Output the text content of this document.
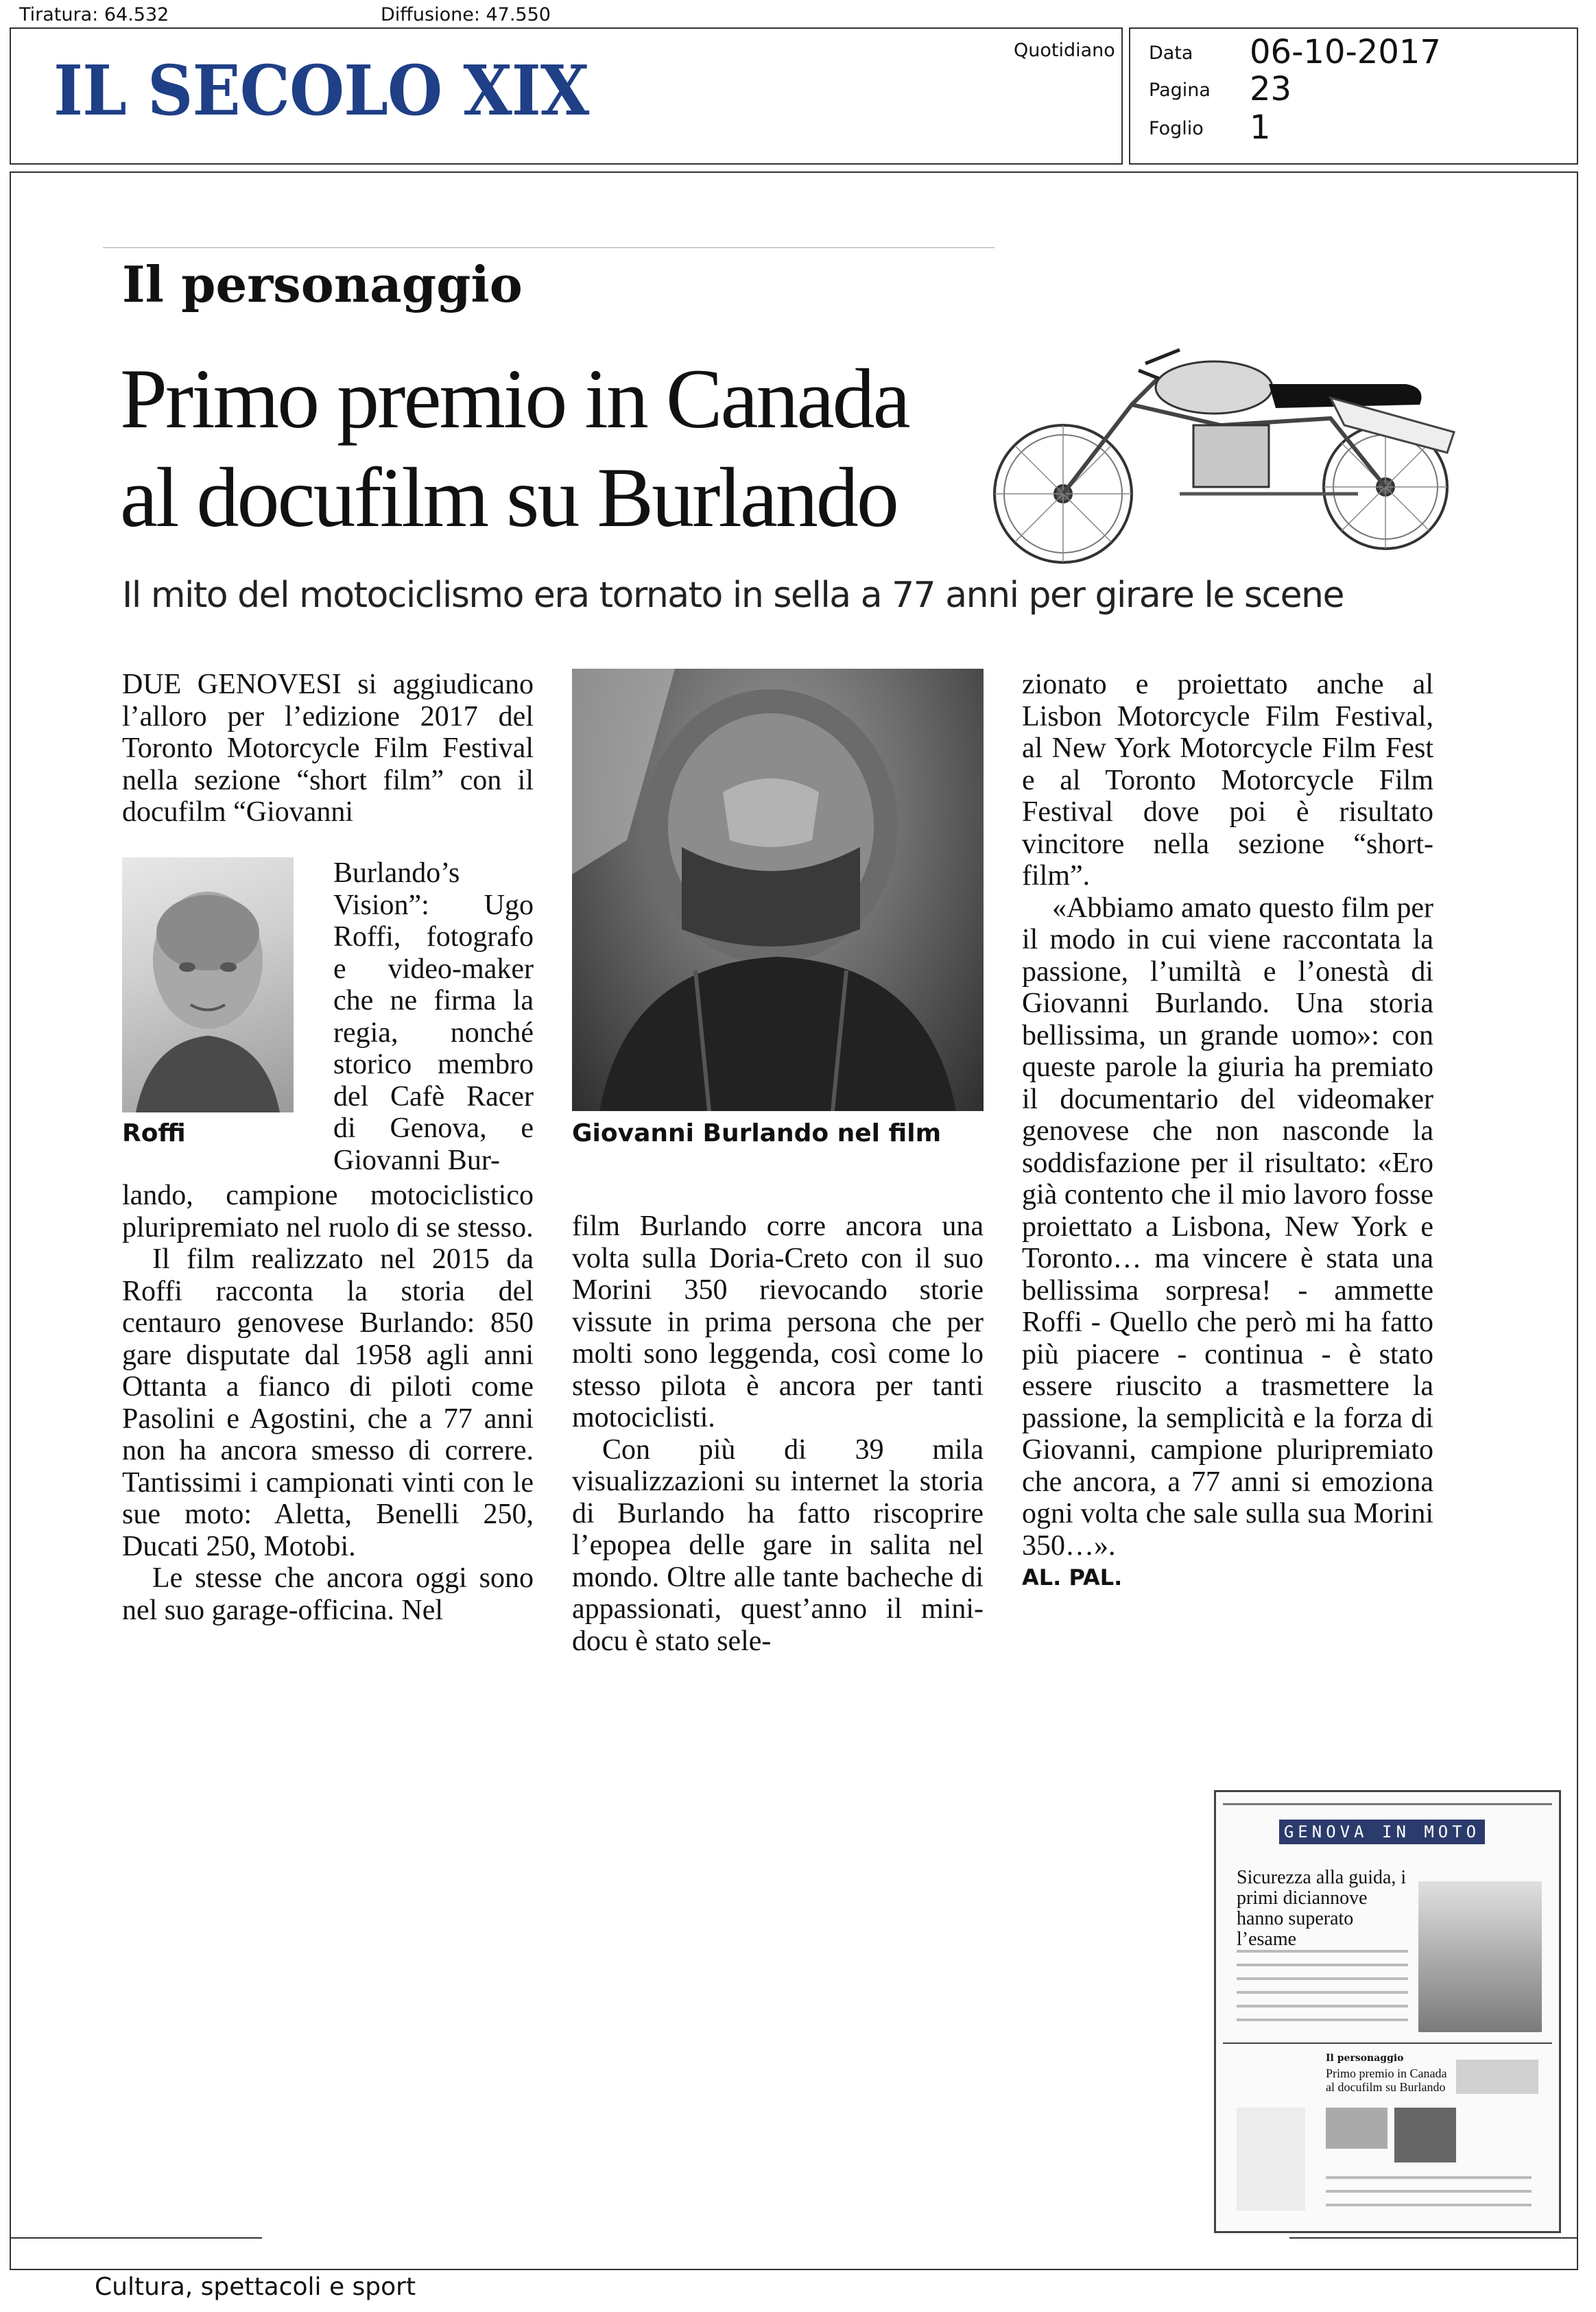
Tiratura: 64.532	Diffusione: 47.550
IL SECOLO XIX	Quotidiano Data 06-10-2017
Pagina 23
Foglio 1
Il personaggio
Primo premio in Canada
al docufilm su Burlando
Il mito del motociclismo era tornato in sella a 77 anni per girare le scene
DUE GENOVESI si aggiudicano l’alloro per l’edizione 2017 del Toronto Motorcycle Film Festival nella sezione “short film” con il docufilm “Giovanni
Burlando’s Vision”: Ugo Roffi, fotografo e video-maker che ne firma la regia, nonché storico membro del Cafè Racer di Genova, e Giovanni Bur-
Roffi

lando, campione motociclistico pluripremiato nel ruolo di se stesso.

Il film realizzato nel 2015 da Roffi racconta la storia del centauro genovese Burlando: 850 gare disputate dal 1958 agli anni Ottanta a fianco di piloti come Pasolini e Agostini, che a 77 anni non ha ancora smesso di correre. Tantissimi i campionati vinti con le sue moto: Aletta, Benelli 250, Ducati 250, Motobi.

Le stesse che ancora oggi sono nel suo garage-officina. Nel

Giovanni Burlando nel film

film Burlando corre ancora una volta sulla Doria-Creto con il suo Morini 350 rievocando storie vissute in prima persona che per molti sono leggenda, così come lo stesso pilota è ancora per tanti motociclisti.

Con più di 39 mila visualizzazioni su internet la storia di Burlando ha fatto riscoprire l’epopea delle gare in salita nel mondo. Oltre alle tante bacheche di appassionati, quest’anno il mini-docu è stato sele-

zionato e proiettato anche al Lisbon Motorcycle Film Festival, al New York Motorcycle Film Fest e al Toronto Motorcycle Film Festival dove poi è risultato vincitore nella sezione “short-film”.

«Abbiamo amato questo film per il modo in cui viene raccontata la passione, l’umiltà e l’onestà di Giovanni Burlando. Una storia bellissima, un grande uomo»: con queste parole la giuria ha premiato il documentario del videomaker genovese che non nasconde la soddisfazione per il risultato: «Ero già contento che il mio lavoro fosse proiettato a Lisbona, New York e Toronto… ma vincere è stata una bellissima sorpresa! - ammette Roffi - Quello che però mi ha fatto più piacere - continua - è stato essere riuscito a trasmettere la passione, la semplicità e la forza di Giovanni, campione pluripremiato che ancora, a 77 anni si emoziona ogni volta che sale sulla sua Morini 350…».

AL. PAL.

GENOVA IN MOTO
Sicurezza alla guida, i primi diciannove hanno superato l’esame
Il personaggio
Primo premio in Canada al docufilm su Burlando
Cultura, spettacoli e sport
